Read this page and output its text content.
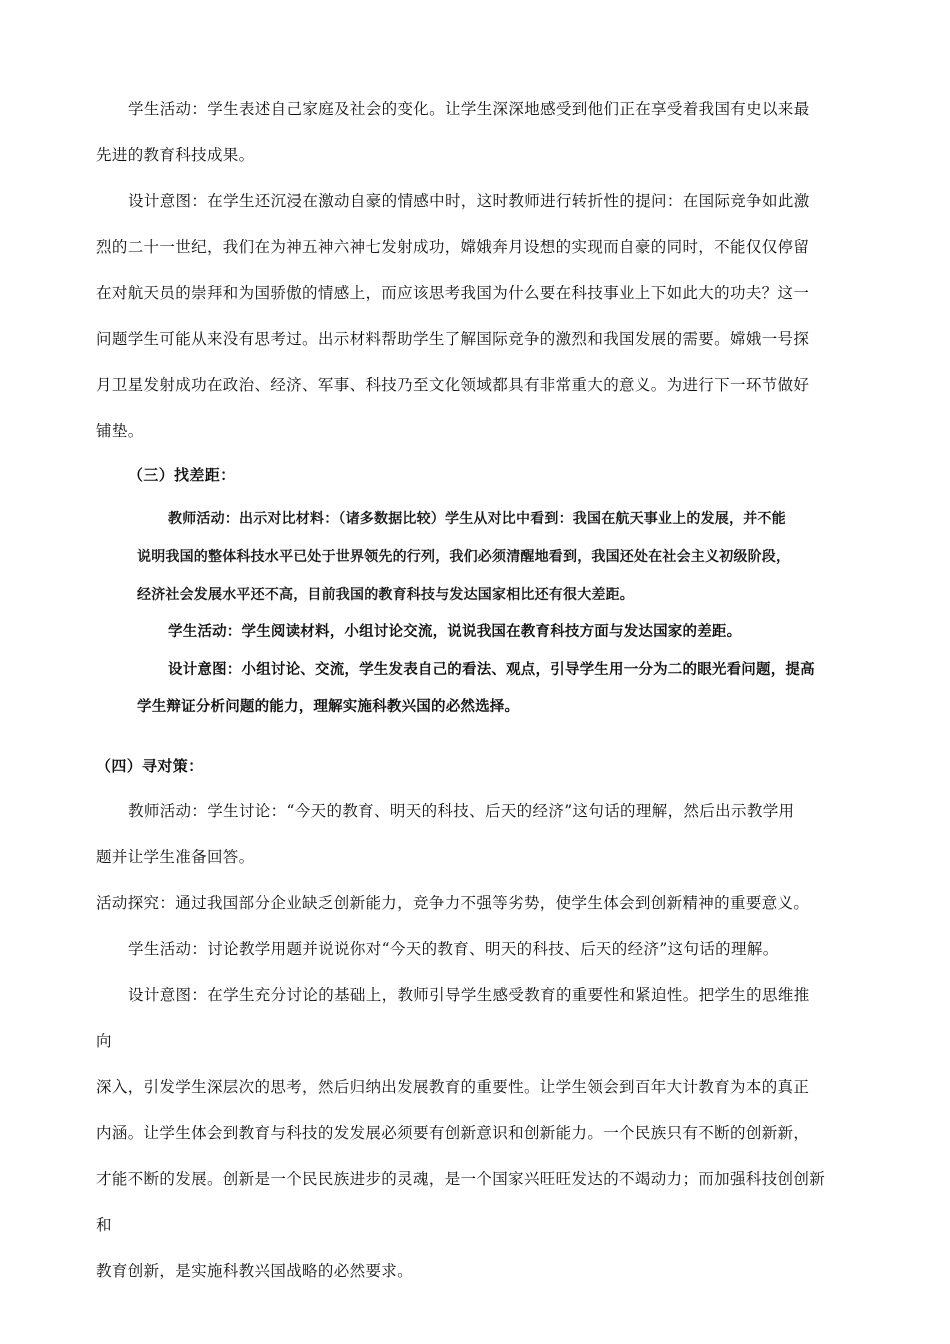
学生活动：学生表述自己家庭及社会的变化。让学生深深地感受到他们正在享受着我国有史以来最
先进的教育科技成果。
设计意图：在学生还沉浸在激动自豪的情感中时，这时教师进行转折性的提问：在国际竞争如此激
烈的二十一世纪，我们在为神五神六神七发射成功，嫦娥奔月设想的实现而自豪的同时，不能仅仅停留
在对航天员的崇拜和为国骄傲的情感上，而应该思考我国为什么要在科技事业上下如此大的功夫？这一
问题学生可能从来没有思考过。出示材料帮助学生了解国际竞争的激烈和我国发展的需要。嫦娥一号探
月卫星发射成功在政治、经济、军事、科技乃至文化领域都具有非常重大的意义。为进行下一环节做好
铺垫。
（三）找差距：
教师活动：出示对比材料：（诸多数据比较）学生从对比中看到：我国在航天事业上的发展，并不能
说明我国的整体科技水平已处于世界领先的行列，我们必须清醒地看到，我国还处在社会主义初级阶段，
经济社会发展水平还不高，目前我国的教育科技与发达国家相比还有很大差距。
学生活动：学生阅读材料，小组讨论交流，说说我国在教育科技方面与发达国家的差距。
设计意图：小组讨论、交流，学生发表自己的看法、观点，引导学生用一分为二的眼光看问题，提高
学生辩证分析问题的能力，理解实施科教兴国的必然选择。
（四）寻对策：
教师活动：学生讨论：“今天的教育、明天的科技、后天的经济”这句话的理解，然后出示教学用
题并让学生准备回答。
活动探究：通过我国部分企业缺乏创新能力，竞争力不强等劣势，使学生体会到创新精神的重要意义。
学生活动：讨论教学用题并说说你对“今天的教育、明天的科技、后天的经济”这句话的理解。
设计意图：在学生充分讨论的基础上，教师引导学生感受教育的重要性和紧迫性。把学生的思维推
向
深入，引发学生深层次的思考，然后归纳出发展教育的重要性。让学生领会到百年大计教育为本的真正
内涵。让学生体会到教育与科技的发发展必须要有创新意识和创新能力。一个民族只有不断的创新新，
才能不断的发展。创新是一个民民族进步的灵魂，是一个国家兴旺旺发达的不竭动力；而加强科技创创新
和
教育创新，是实施科教兴国战略的必然要求。
